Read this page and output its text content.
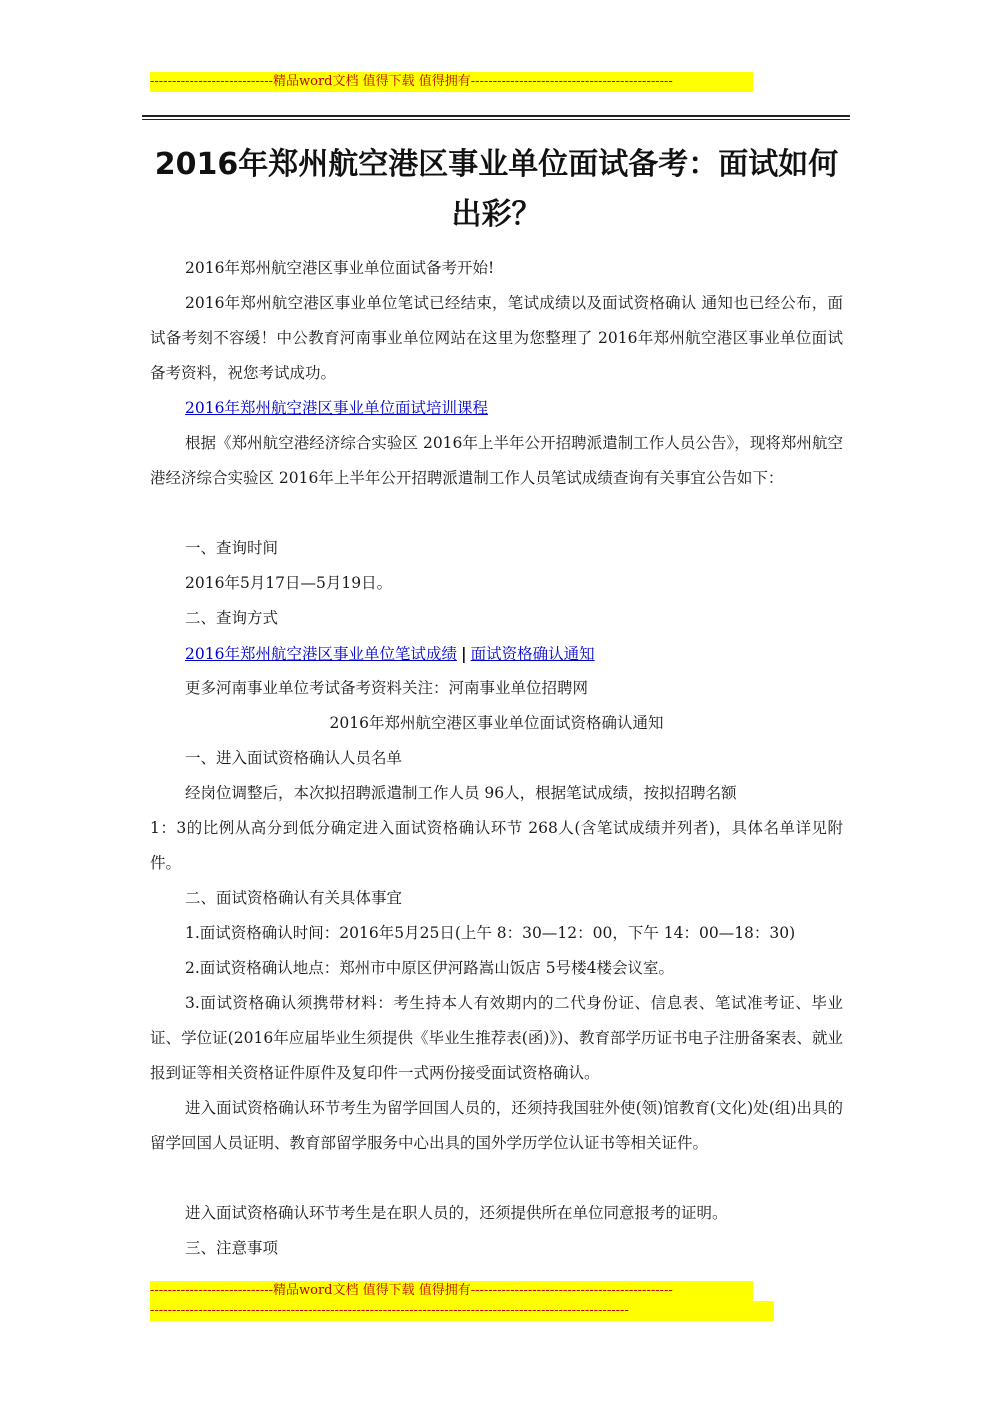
----------------------------精品word文档 值得下载 值得拥有----------------------------------------------
2016年郑州航空港区事业单位面试备考：面试如何出彩？

2016年郑州航空港区事业单位面试备考开始!

2016年郑州航空港区事业单位笔试已经结束，笔试成绩以及面试资格确认 通知也已经公布，面试备考刻不容缓！中公教育河南事业单位网站在这里为您整理了 2016年郑州航空港区事业单位面试备考资料，祝您考试成功。

2016年郑州航空港区事业单位面试培训课程

根据《郑州航空港经济综合实验区 2016年上半年公开招聘派遣制工作人员公告》，现将郑州航空港经济综合实验区 2016年上半年公开招聘派遣制工作人员笔试成绩查询有关事宜公告如下：

一、查询时间

2016年5月17日—5月19日。

二、查询方式

2016年郑州航空港区事业单位笔试成绩 | 面试资格确认通知

更多河南事业单位考试备考资料关注：河南事业单位招聘网

2016年郑州航空港区事业单位面试资格确认通知

一、进入面试资格确认人员名单

经岗位调整后，本次拟招聘派遣制工作人员 96人，根据笔试成绩，按拟招聘名额

1：3的比例从高分到低分确定进入面试资格确认环节 268人(含笔试成绩并列者)，具体名单详见附件。

二、面试资格确认有关具体事宜

1.面试资格确认时间：2016年5月25日(上午 8：30—12：00，下午 14：00—18：30)

2.面试资格确认地点：郑州市中原区伊河路嵩山饭店 5号楼4楼会议室。

3.面试资格确认须携带材料：考生持本人有效期内的二代身份证、信息表、笔试准考证、毕业证、学位证(2016年应届毕业生须提供《毕业生推荐表(函)》)、教育部学历证书电子注册备案表、就业报到证等相关资格证件原件及复印件一式两份接受面试资格确认。

进入面试资格确认环节考生为留学回国人员的，还须持我国驻外使(领)馆教育(文化)处(组)出具的留学回国人员证明、教育部留学服务中心出具的国外学历学位认证书等相关证件。

进入面试资格确认环节考生是在职人员的，还须提供所在单位同意报考的证明。

三、注意事项

----------------------------精品word文档 值得下载 值得拥有----------------------------------------------
-------------------------------------------------------------------------------------------------------------
